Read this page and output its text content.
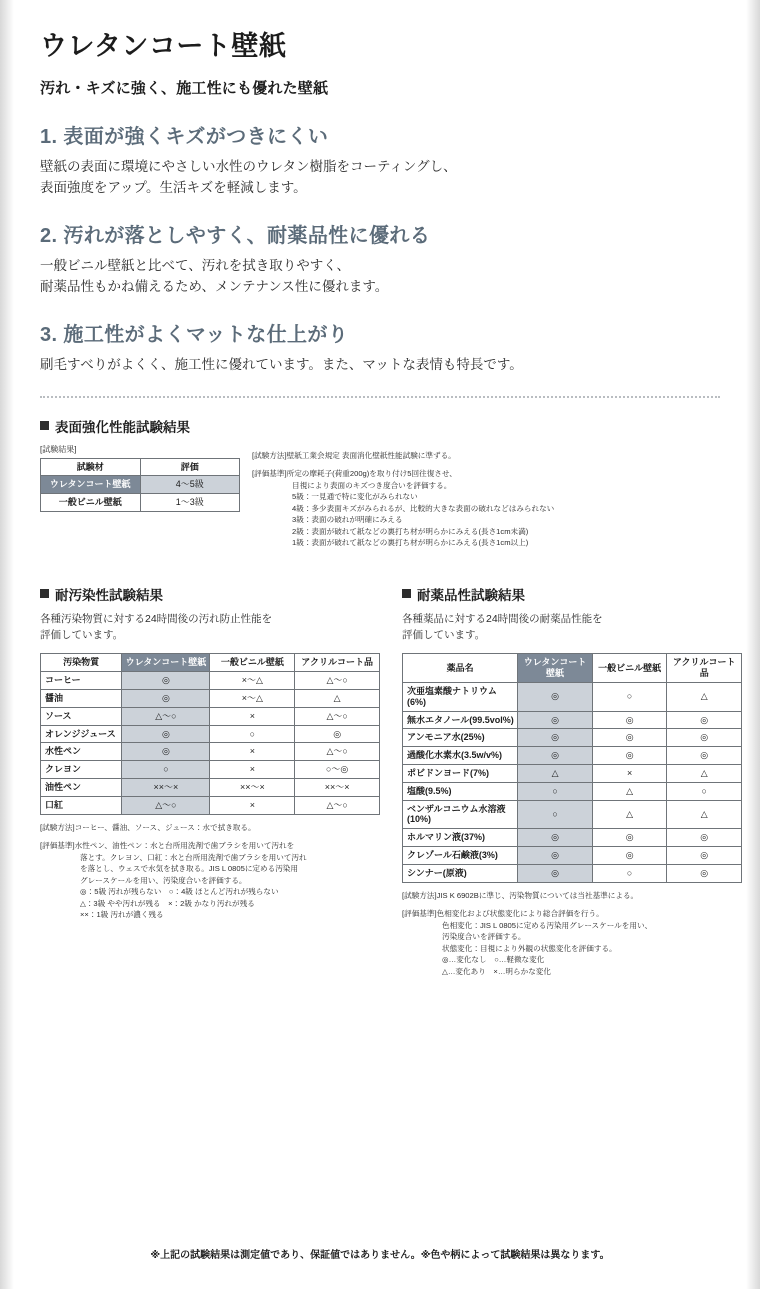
ウレタンコート壁紙
汚れ・キズに強く、施工性にも優れた壁紙
1. 表面が強くキズがつきにくい

壁紙の表面に環境にやさしい水性のウレタン樹脂をコーティングし、
表面強度をアップ。生活キズを軽減します。

2. 汚れが落としやすく、耐薬品性に優れる

一般ビニル壁紙と比べて、汚れを拭き取りやすく、
耐薬品性もかね備えるため、メンテナンス性に優れます。

3. 施工性がよくマットな仕上がり

刷毛すべりがよくく、施工性に優れています。また、マットな表情も特長です。

表面強化性能試験結果
[試験結果]
試験材	評価
ウレタンコート壁紙	4～5級
一般ビニル壁紙	1～3級

[試験方法]壁紙工業会規定 表面消化壁紙性能試験に準ずる。

[評価基準]所定の摩耗子(荷重200g)を取り付け5回往復させ、
目視により表面のキズつき度合いを評価する。
5級：一見通で特に変化がみられない
4級：多少表面キズがみられるが、比較的大きな表面の破れなどはみられない
3級：表面の破れが明確にみえる
2級：表面が破れて紙などの裏打ち材が明らかにみえる(長さ1cm未満)
1級：表面が破れて紙などの裏打ち材が明らかにみえる(長さ1cm以上)

耐汚染性試験結果

各種汚染物質に対する24時間後の汚れ防止性能を
評価しています。

汚染物質	ウレタンコート壁紙	一般ビニル壁紙	アクリルコート品
コーヒー	◎	×～△	△～○
醤油	◎	×～△	△
ソース	△～○	×	△～○
オレンジジュース	◎	○	◎
水性ペン	◎	×	△～○
クレヨン	○	×	○～◎
油性ペン	××～×	××～×	××～×
口紅	△～○	×	△～○

[試験方法]コーヒー、醤油、ソース、ジュース：水で拭き取る。

[評価基準]水性ペン、油性ペン：水と台所用洗剤で歯ブラシを用いて汚れを
落とす。クレヨン、口紅：水と台所用洗剤で歯ブラシを用いて汚れ
を落とし、ウェスで水気を拭き取る。JIS L 0805に定める汚染用
グレースケールを用い、汚染度合いを評価する。
◎：5級 汚れが残らない　○：4級 ほとんど汚れが残らない
△：3級 やや汚れが残る　×：2級 かなり汚れが残る
××：1級 汚れが濃く残る

耐薬品性試験結果

各種薬品に対する24時間後の耐薬品性能を
評価しています。

薬品名	ウレタンコート壁紙	一般ビニル壁紙	アクリルコート品
次亜塩素酸ナトリウム(6%)	◎	○	△
無水エタノール(99.5vol%)	◎	◎	◎
アンモニア水(25%)	◎	◎	◎
過酸化水素水(3.5w/v%)	◎	◎	◎
ポビドンヨード(7%)	△	×	△
塩酸(9.5%)	○	△	○
ベンザルコニウム水溶液(10%)	○	△	△
ホルマリン液(37%)	◎	◎	◎
クレゾール石鹸液(3%)	◎	◎	◎
シンナー(原液)	◎	○	◎

[試験方法]JIS K 6902Bに準じ、汚染物質については当社基準による。

[評価基準]色相変化および状態変化により総合評価を行う。
色相変化：JIS L 0805に定める汚染用グレースケールを用い、
汚染度合いを評価する。
状態変化：目視により外観の状態変化を評価する。
◎…変化なし　○…軽微な変化
△…変化あり　×…明らかな変化

※上記の試験結果は測定値であり、保証値ではありません。※色や柄によって試験結果は異なります。
